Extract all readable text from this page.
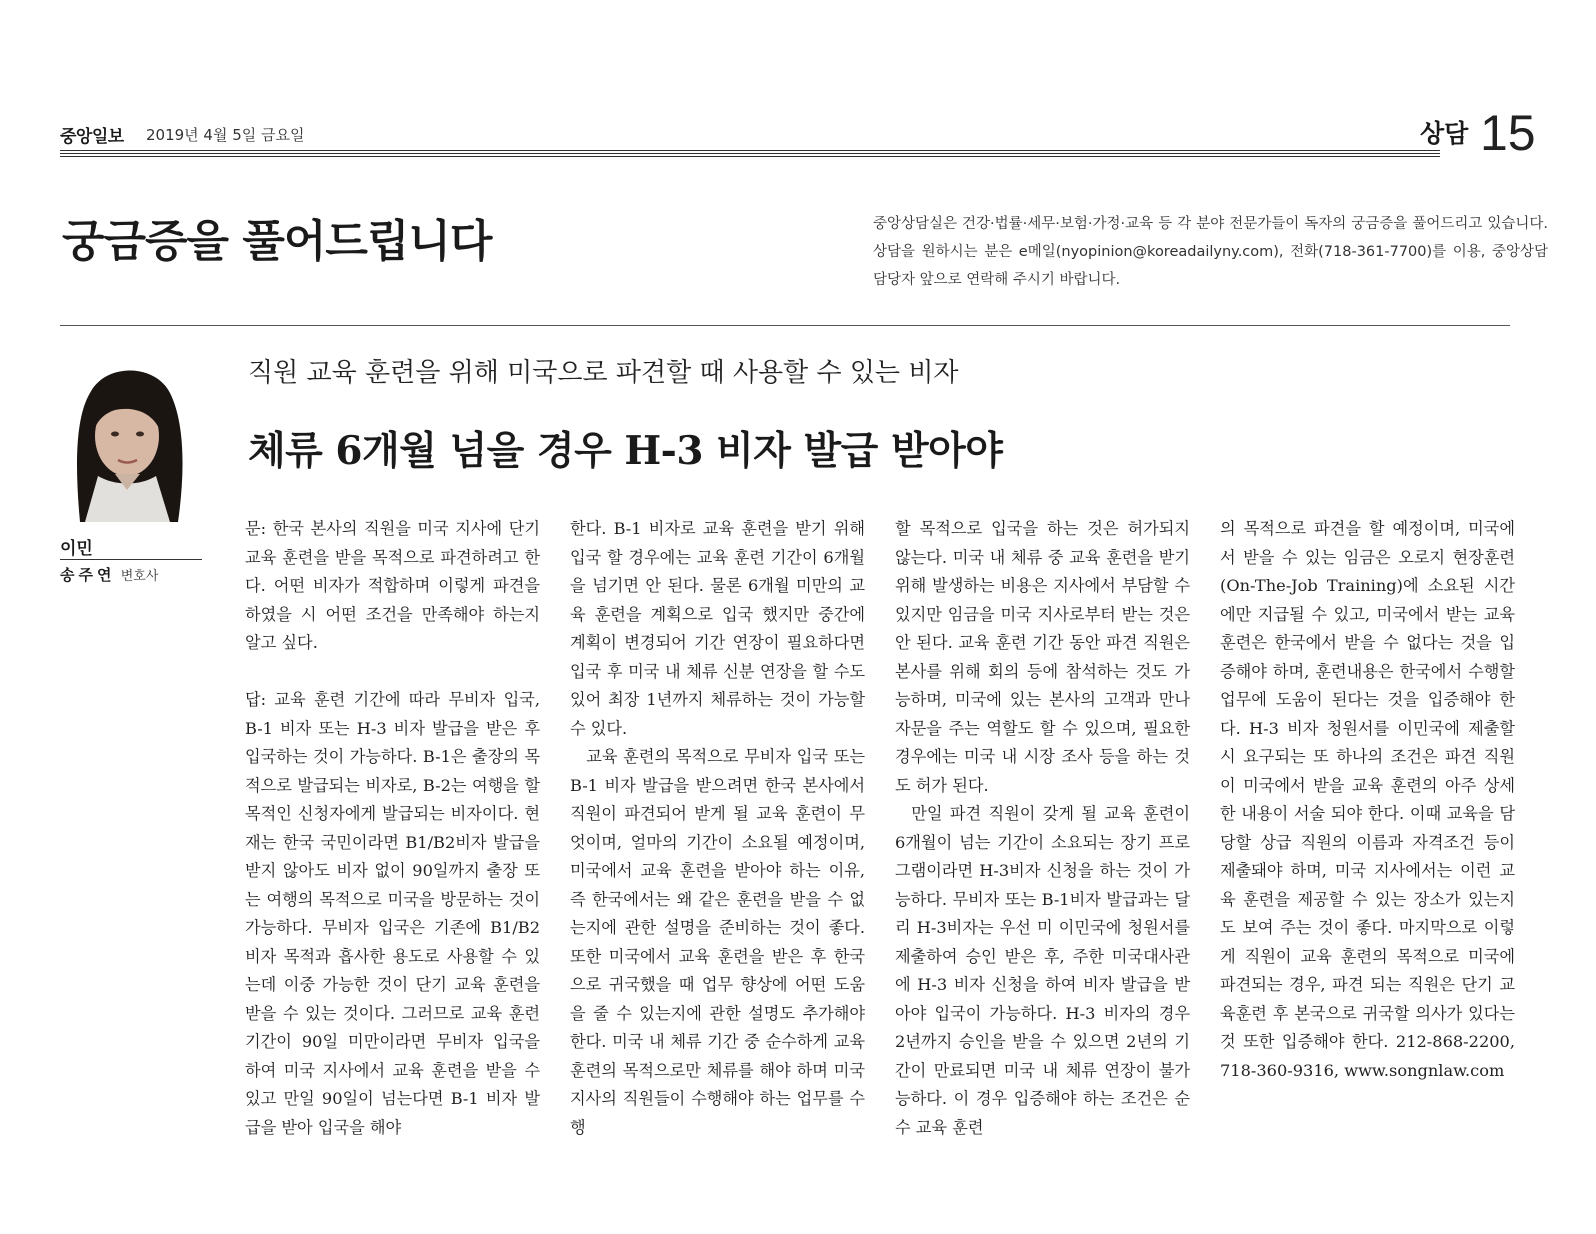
중앙일보 2019년 4월 5일 금요일	상담 15
궁금증을 풀어드립니다	중앙상담실은 건강·법률·세무·보험·가정·교육 등 각 분야 전문가들이 독자의 궁금증을 풀어드리고 있습니다. 상담을 원하시는 분은 e메일(nyopinion@koreadailyny.com), 전화(718-361-7700)를 이용, 중앙상담 담당자 앞으로 연락해 주시기 바랍니다.
이민
송주연 변호사
직원 교육 훈련을 위해 미국으로 파견할 때 사용할 수 있는 비자
체류 6개월 넘을 경우 H-3 비자 발급 받아야

문: 한국 본사의 직원을 미국 지사에 단기 교육 훈련을 받을 목적으로 파견하려고 한다. 어떤 비자가 적합하며 이렇게 파견을 하였을 시 어떤 조건을 만족해야 하는지 알고 싶다.

답: 교육 훈련 기간에 따라 무비자 입국, B-1 비자 또는 H-3 비자 발급을 받은 후 입국하는 것이 가능하다. B-1은 출장의 목적으로 발급되는 비자로, B-2는 여행을 할 목적인 신청자에게 발급되는 비자이다. 현재는 한국 국민이라면 B1/B2비자 발급을 받지 않아도 비자 없이 90일까지 출장 또는 여행의 목적으로 미국을 방문하는 것이 가능하다. 무비자 입국은 기존에 B1/B2 비자 목적과 흡사한 용도로 사용할 수 있는데 이중 가능한 것이 단기 교육 훈련을 받을 수 있는 것이다. 그러므로 교육 훈련 기간이 90일 미만이라면 무비자 입국을 하여 미국 지사에서 교육 훈련을 받을 수 있고 만일 90일이 넘는다면 B-1 비자 발급을 받아 입국을 해야

한다. B-1 비자로 교육 훈련을 받기 위해 입국 할 경우에는 교육 훈련 기간이 6개월을 넘기면 안 된다. 물론 6개월 미만의 교육 훈련을 계획으로 입국 했지만 중간에 계획이 변경되어 기간 연장이 필요하다면 입국 후 미국 내 체류 신분 연장을 할 수도 있어 최장 1년까지 체류하는 것이 가능할 수 있다.

교육 훈련의 목적으로 무비자 입국 또는 B-1 비자 발급을 받으려면 한국 본사에서 직원이 파견되어 받게 될 교육 훈련이 무엇이며, 얼마의 기간이 소요될 예정이며, 미국에서 교육 훈련을 받아야 하는 이유, 즉 한국에서는 왜 같은 훈련을 받을 수 없는지에 관한 설명을 준비하는 것이 좋다. 또한 미국에서 교육 훈련을 받은 후 한국으로 귀국했을 때 업무 향상에 어떤 도움을 줄 수 있는지에 관한 설명도 추가해야 한다. 미국 내 체류 기간 중 순수하게 교육 훈련의 목적으로만 체류를 해야 하며 미국 지사의 직원들이 수행해야 하는 업무를 수행

할 목적으로 입국을 하는 것은 허가되지 않는다. 미국 내 체류 중 교육 훈련을 받기 위해 발생하는 비용은 지사에서 부담할 수 있지만 임금을 미국 지사로부터 받는 것은 안 된다. 교육 훈련 기간 동안 파견 직원은 본사를 위해 회의 등에 참석하는 것도 가능하며, 미국에 있는 본사의 고객과 만나 자문을 주는 역할도 할 수 있으며, 필요한 경우에는 미국 내 시장 조사 등을 하는 것도 허가 된다.

만일 파견 직원이 갖게 될 교육 훈련이 6개월이 넘는 기간이 소요되는 장기 프로그램이라면 H-3비자 신청을 하는 것이 가능하다. 무비자 또는 B-1비자 발급과는 달리 H-3비자는 우선 미 이민국에 청원서를 제출하여 승인 받은 후, 주한 미국대사관에 H-3 비자 신청을 하여 비자 발급을 받아야 입국이 가능하다. H-3 비자의 경우 2년까지 승인을 받을 수 있으면 2년의 기간이 만료되면 미국 내 체류 연장이 불가능하다. 이 경우 입증해야 하는 조건은 순수 교육 훈련

의 목적으로 파견을 할 예정이며, 미국에서 받을 수 있는 임금은 오로지 현장훈련(On-The-Job Training)에 소요된 시간에만 지급될 수 있고, 미국에서 받는 교육 훈련은 한국에서 받을 수 없다는 것을 입증해야 하며, 훈련내용은 한국에서 수행할 업무에 도움이 된다는 것을 입증해야 한다. H-3 비자 청원서를 이민국에 제출할 시 요구되는 또 하나의 조건은 파견 직원이 미국에서 받을 교육 훈련의 아주 상세한 내용이 서술 되야 한다. 이때 교육을 담당할 상급 직원의 이름과 자격조건 등이 제출돼야 하며, 미국 지사에서는 이런 교육 훈련을 제공할 수 있는 장소가 있는지도 보여 주는 것이 좋다. 마지막으로 이렇게 직원이 교육 훈련의 목적으로 미국에 파견되는 경우, 파견 되는 직원은 단기 교육훈련 후 본국으로 귀국할 의사가 있다는 것 또한 입증해야 한다. 212-868-2200, 718-360-9316, www.songnlaw.com
